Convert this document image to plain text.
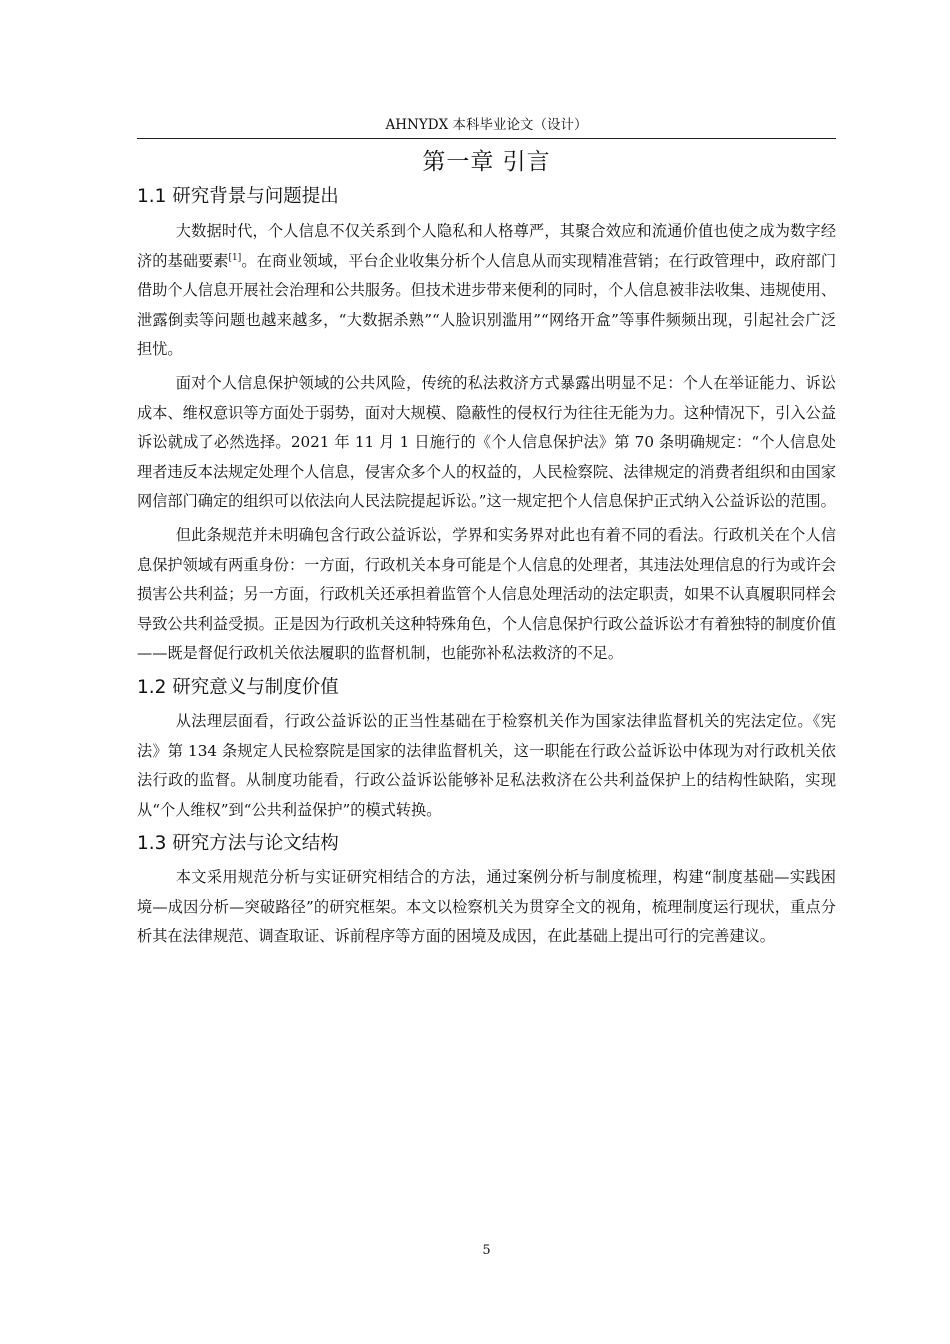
AHNYDX 本科毕业论文（设计）
第一章 引言
1.1 研究背景与问题提出

大数据时代，个人信息不仅关系到个人隐私和人格尊严，其聚合效应和流通价值也使之成为数字经济的基础要素[1]。在商业领域，平台企业收集分析个人信息从而实现精准营销；在行政管理中，政府部门借助个人信息开展社会治理和公共服务。但技术进步带来便利的同时，个人信息被非法收集、违规使用、泄露倒卖等问题也越来越多，“大数据杀熟”“人脸识别滥用”“网络开盒”等事件频频出现，引起社会广泛担忧。

面对个人信息保护领域的公共风险，传统的私法救济方式暴露出明显不足：个人在举证能力、诉讼成本、维权意识等方面处于弱势，面对大规模、隐蔽性的侵权行为往往无能为力。这种情况下，引入公益诉讼就成了必然选择。2021 年 11 月 1 日施行的《个人信息保护法》第 70 条明确规定：“个人信息处理者违反本法规定处理个人信息，侵害众多个人的权益的，人民检察院、法律规定的消费者组织和由国家网信部门确定的组织可以依法向人民法院提起诉讼。”这一规定把个人信息保护正式纳入公益诉讼的范围。

但此条规范并未明确包含行政公益诉讼，学界和实务界对此也有着不同的看法。行政机关在个人信息保护领域有两重身份：一方面，行政机关本身可能是个人信息的处理者，其违法处理信息的行为或许会损害公共利益；另一方面，行政机关还承担着监管个人信息处理活动的法定职责，如果不认真履职同样会导致公共利益受损。正是因为行政机关这种特殊角色，个人信息保护行政公益诉讼才有着独特的制度价值——既是督促行政机关依法履职的监督机制，也能弥补私法救济的不足。

1.2 研究意义与制度价值

从法理层面看，行政公益诉讼的正当性基础在于检察机关作为国家法律监督机关的宪法定位。《宪法》第 134 条规定人民检察院是国家的法律监督机关，这一职能在行政公益诉讼中体现为对行政机关依法行政的监督。从制度功能看，行政公益诉讼能够补足私法救济在公共利益保护上的结构性缺陷，实现从“个人维权”到“公共利益保护”的模式转换。

1.3 研究方法与论文结构

本文采用规范分析与实证研究相结合的方法，通过案例分析与制度梳理，构建“制度基础—实践困境—成因分析—突破路径”的研究框架。本文以检察机关为贯穿全文的视角，梳理制度运行现状，重点分析其在法律规范、调查取证、诉前程序等方面的困境及成因，在此基础上提出可行的完善建议。

5
